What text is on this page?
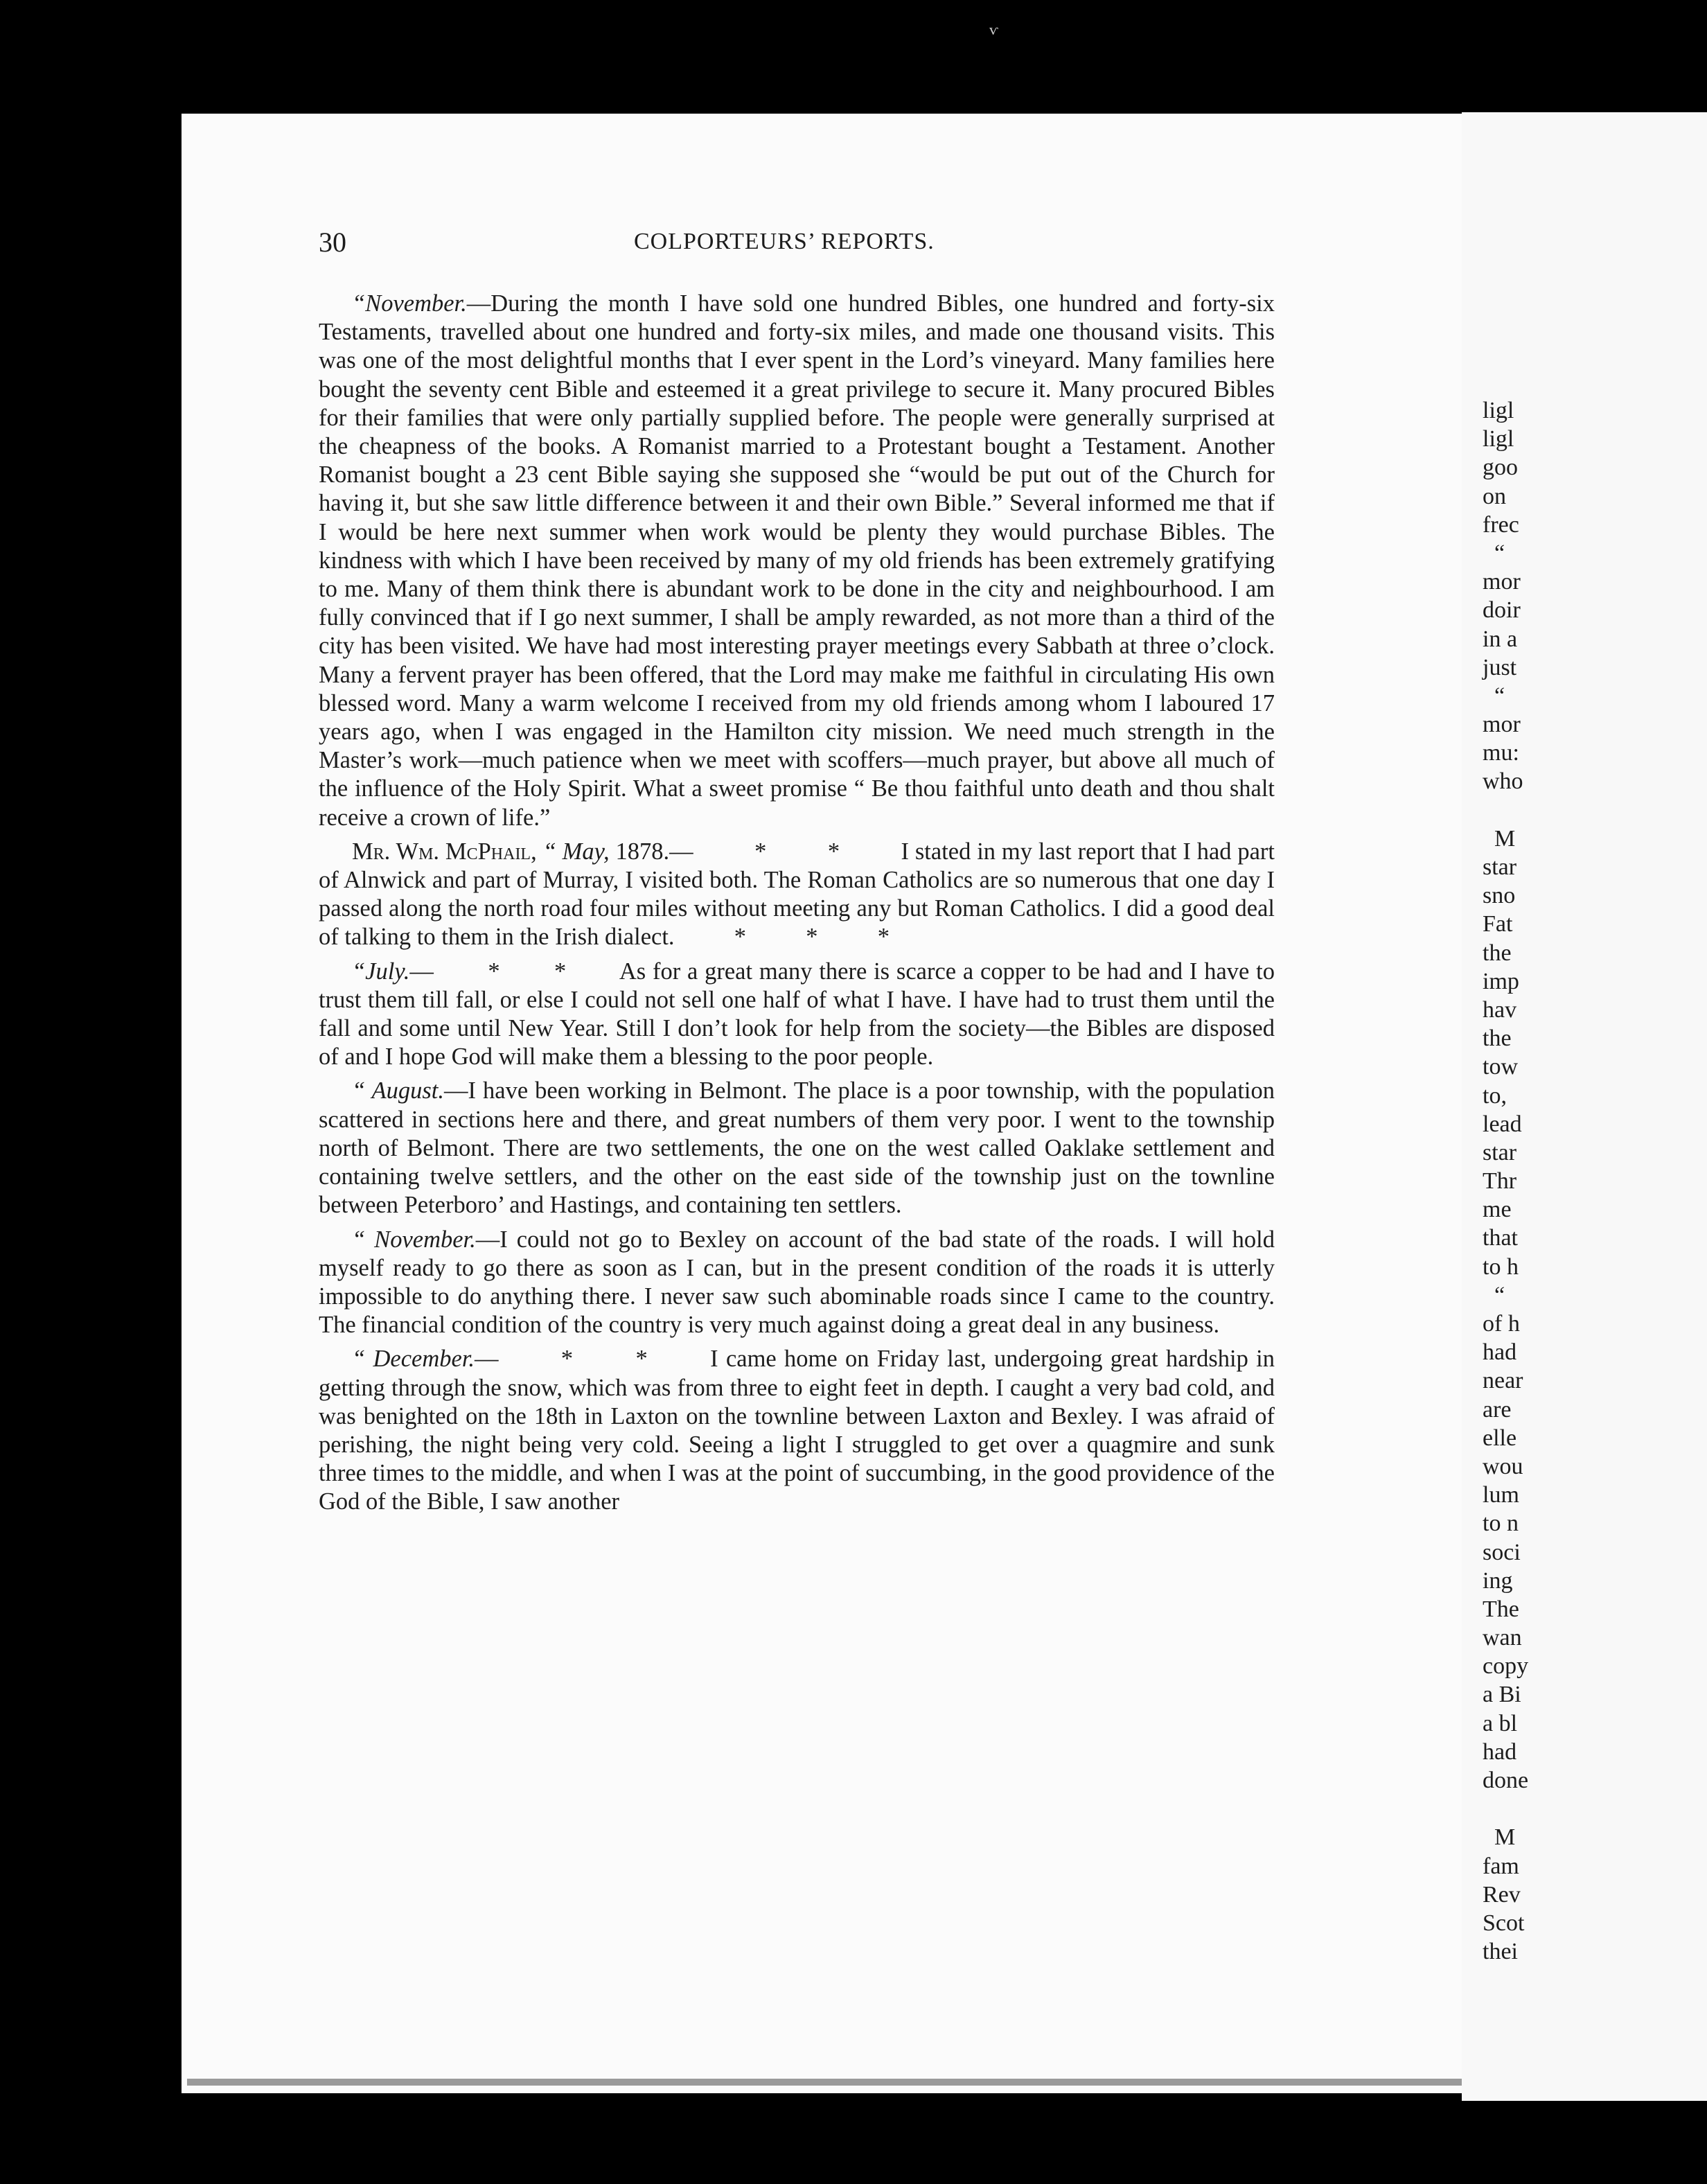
ѵ
ligl
ligl
goo
on
frec
“
mor
doir
in a
just
“
mor
mu:
who
M
star
sno
Fat
the
imp
hav
the
tow
to,
lead
star
Thr
me
that
to h
“
of h
had
near
are
elle
wou
lum
to n
soci
ing
The
wan
copy
a Bi
a bl
had
done
M
fam
Rev
Scot
thei
30	COLPORTEURS’ REPORTS.

“November.—During the month I have sold one hundred Bibles, one hundred and forty-six Testaments, travelled about one hundred and forty-six miles, and made one thousand visits. This was one of the most delightful months that I ever spent in the Lord’s vineyard. Many families here bought the seventy cent Bible and esteemed it a great privilege to secure it. Many procured Bibles for their families that were only partially supplied before. The people were generally surprised at the cheapness of the books. A Romanist married to a Protestant bought a Testament. Another Romanist bought a 23 cent Bible saying she supposed she “would be put out of the Church for having it, but she saw little difference between it and their own Bible.” Several informed me that if I would be here next summer when work would be plenty they would purchase Bibles. The kindness with which I have been received by many of my old friends has been extremely gratifying to me. Many of them think there is abundant work to be done in the city and neighbourhood. I am fully convinced that if I go next summer, I shall be amply rewarded, as not more than a third of the city has been visited. We have had most interesting prayer meetings every Sabbath at three o’clock. Many a fervent prayer has been offered, that the Lord may make me faithful in circulating His own blessed word. Many a warm welcome I received from my old friends among whom I laboured 17 years ago, when I was engaged in the Hamilton city mission. We need much strength in the Master’s work—much patience when we meet with scoffers—much prayer, but above all much of the influence of the Holy Spirit. What a sweet promise “ Be thou faithful unto death and thou shalt receive a crown of life.”

Mr. Wm. McPhail, “ May, 1878.—          *          *          I stated in my last report that I had part of Alnwick and part of Murray, I visited both. The Roman Catholics are so numerous that one day I passed along the north road four miles without meeting any but Roman Catholics. I did a good deal of talking to them in the Irish dialect.          *          *          *

“July.—        *        *        As for a great many there is scarce a copper to be had and I have to trust them till fall, or else I could not sell one half of what I have. I have had to trust them until the fall and some until New Year. Still I don’t look for help from the society—the Bibles are disposed of and I hope God will make them a blessing to the poor people.

“ August.—I have been working in Belmont. The place is a poor township, with the population scattered in sections here and there, and great numbers of them very poor. I went to the township north of Belmont. There are two settlements, the one on the west called Oaklake settlement and containing twelve settlers, and the other on the east side of the township just on the townline between Peterboro’ and Hastings, and containing ten settlers.

“ November.—I could not go to Bexley on account of the bad state of the roads. I will hold myself ready to go there as soon as I can, but in the present condition of the roads it is utterly impossible to do anything there. I never saw such abominable roads since I came to the country. The financial condition of the country is very much against doing a great deal in any business.

“ December.—        *        *        I came home on Friday last, undergoing great hardship in getting through the snow, which was from three to eight feet in depth. I caught a very bad cold, and was benighted on the 18th in Laxton on the townline between Laxton and Bexley. I was afraid of perishing, the night being very cold. Seeing a light I struggled to get over a quagmire and sunk three times to the middle, and when I was at the point of succumbing, in the good providence of the God of the Bible, I saw another
